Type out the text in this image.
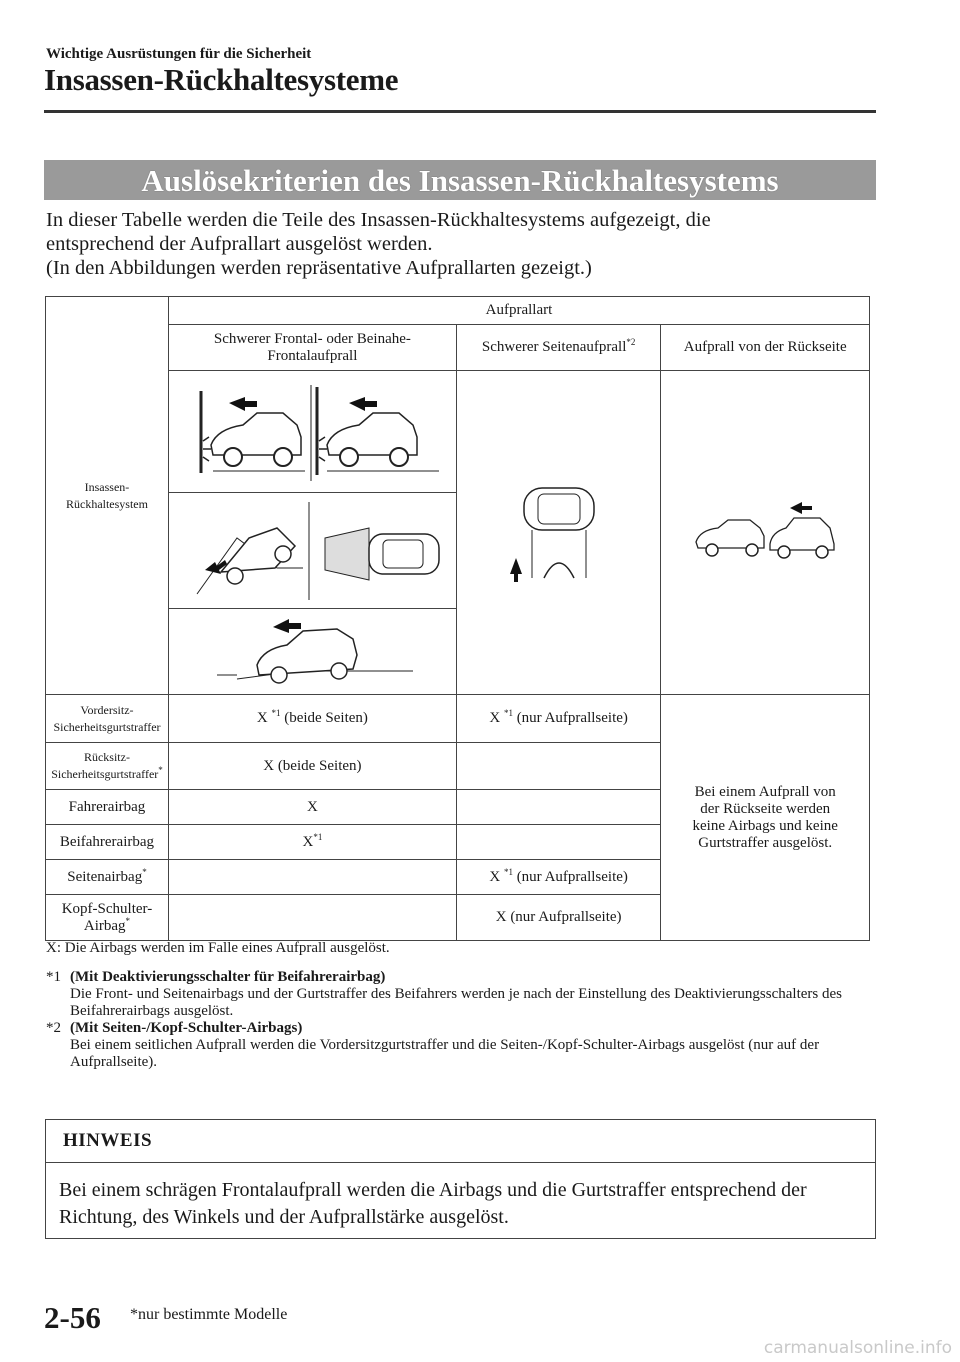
Wichtige Ausrüstungen für die Sicherheit
Insassen-Rückhaltesysteme
Auslösekriterien des Insassen-Rückhaltesystems
In dieser Tabelle werden die Teile des Insassen-Rückhaltesystems aufgezeigt, die
entsprechend der Aufprallart ausgelöst werden.
(In den Abbildungen werden repräsentative Aufprallarten gezeigt.)
Insassen-
Rückhaltesystem	Aufprallart		
	Schwerer Frontal- oder Beinahe-
Frontalaufprall	Schwerer Seitenaufprall$^{*2}$	Aufprall von der Rückseite

Vordersitz-
Sicherheitsgurtstraffer	X $^{*1}$ (beide Seiten)	X $^{*1}$ (nur Aufprallseite)	Bei einem Aufprall von
der Rückseite werden
keine Airbags und keine
Gurtstraffer ausgelöst.
Rücksitz-
Sicherheitsgurtstraffer*	X (beide Seiten)		
Fahrerairbag	X		
Beifahrerairbag	$X^{*1}$	
Seitenairbag*		X $^{*1}$ (nur Aufprallseite)	
Kopf-Schulter-
Airbag*		X (nur Aufprallseite)	
X: Die Airbags werden im Falle eines Aufprall ausgelöst.
*1 (Mit Deaktivierungsschalter für Beifahrerairbag)
Die Front- und Seitenairbags und der Gurtstraffer des Beifahrers werden je nach der Einstellung des Deaktivierungsschalters des Beifahrerairbags ausgelöst.
*2 (Mit Seiten-/Kopf-Schulter-Airbags)
Bei einem seitlichen Aufprall werden die Vordersitzgurtstraffer und die Seiten-/Kopf-Schulter-Airbags ausgelöst (nur auf der Aufprallseite).
HINWEIS
Bei einem schrägen Frontalaufprall werden die Airbags und die Gurtstraffer entsprechend der Richtung, des Winkels und der Aufprallstärke ausgelöst.
2-56 *nur bestimmte Modelle
carmanualsonline.info
